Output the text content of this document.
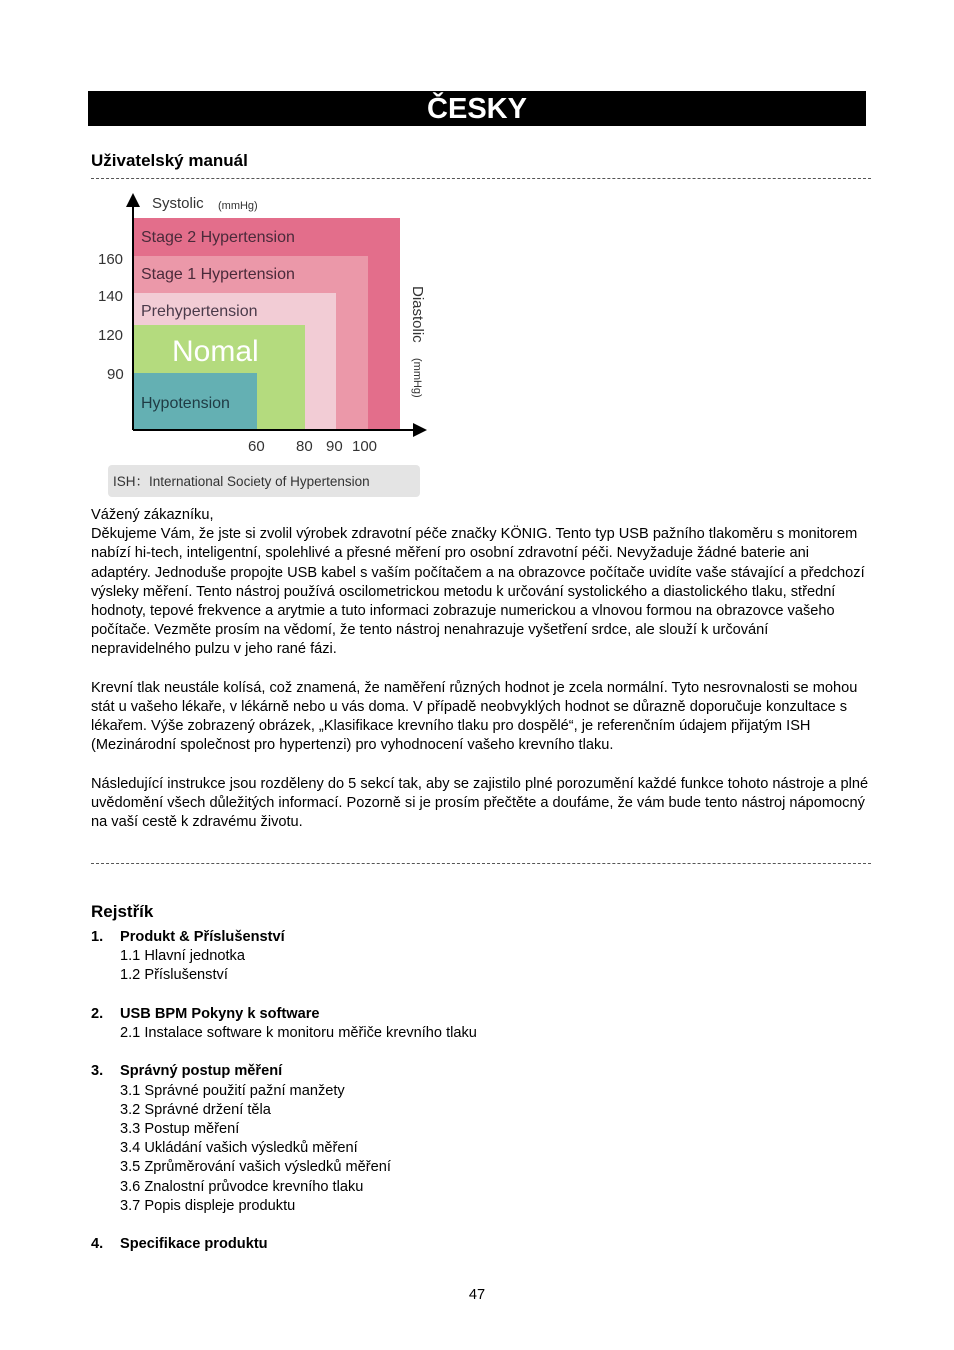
ČESKY
Uživatelský manuál
Stage 2 Hypertension
Stage 1 Hypertension
Prehypertension
Nomal
Hypotension
Systolic (mmHg)
Diastolic
(mmHg)
160
140
120
90
60 80 90 100
ISH：International Society of Hypertension

Vážený zákazníku,
Děkujeme Vám, že jste si zvolil výrobek zdravotní péče značky KÖNIG. Tento typ USB pažního tlakoměru s monitorem nabízí hi-tech, inteligentní, spolehlivé a přesné měření pro osobní zdravotní péči. Nevyžaduje žádné baterie ani adaptéry. Jednoduše propojte USB kabel s vaším počítačem a na obrazovce počítače uvidíte vaše stávající a předchozí výsleky měření. Tento nástroj používá oscilometrickou metodu k určování systolického a diastolického tlaku, střední hodnoty, tepové frekvence a arytmie a tuto informaci zobrazuje numerickou a vlnovou formou na obrazovce vašeho počítače. Vezměte prosím na vědomí, že tento nástroj nenahrazuje vyšetření srdce, ale slouží k určování nepravidelného pulzu v jeho rané fázi.

Krevní tlak neustále kolísá, což znamená, že naměření různých hodnot je zcela normální. Tyto nesrovnalosti se mohou stát u vašeho lékaře, v lékárně nebo u vás doma. V případě neobvyklých hodnot se důrazně doporučuje konzultace s lékařem. Výše zobrazený obrázek, „Klasifikace krevního tlaku pro dospělé“, je referenčním údajem přijatým ISH (Mezinárodní společnost pro hypertenzi) pro vyhodnocení vašeho krevního tlaku.

Následující instrukce jsou rozděleny do 5 sekcí tak, aby se zajistilo plné porozumění každé funkce tohoto nástroje a plné uvědomění všech důležitých informací. Pozorně si je prosím přečtěte a doufáme, že vám bude tento nástroj nápomocný na vaší cestě k zdravému životu.

Rejstřík
1. Produkt & Příslušenství
1.1 Hlavní jednotka
1.2 Příslušenství
2. USB BPM Pokyny k software
2.1 Instalace software k monitoru měřiče krevního tlaku
3. Správný postup měření
3.1 Správné použití pažní manžety
3.2 Správné držení těla
3.3 Postup měření
3.4 Ukládání vašich výsledků měření
3.5 Zprůměrování vašich výsledků měření
3.6 Znalostní průvodce krevního tlaku
3.7 Popis displeje produktu
4. Specifikace produktu
47
